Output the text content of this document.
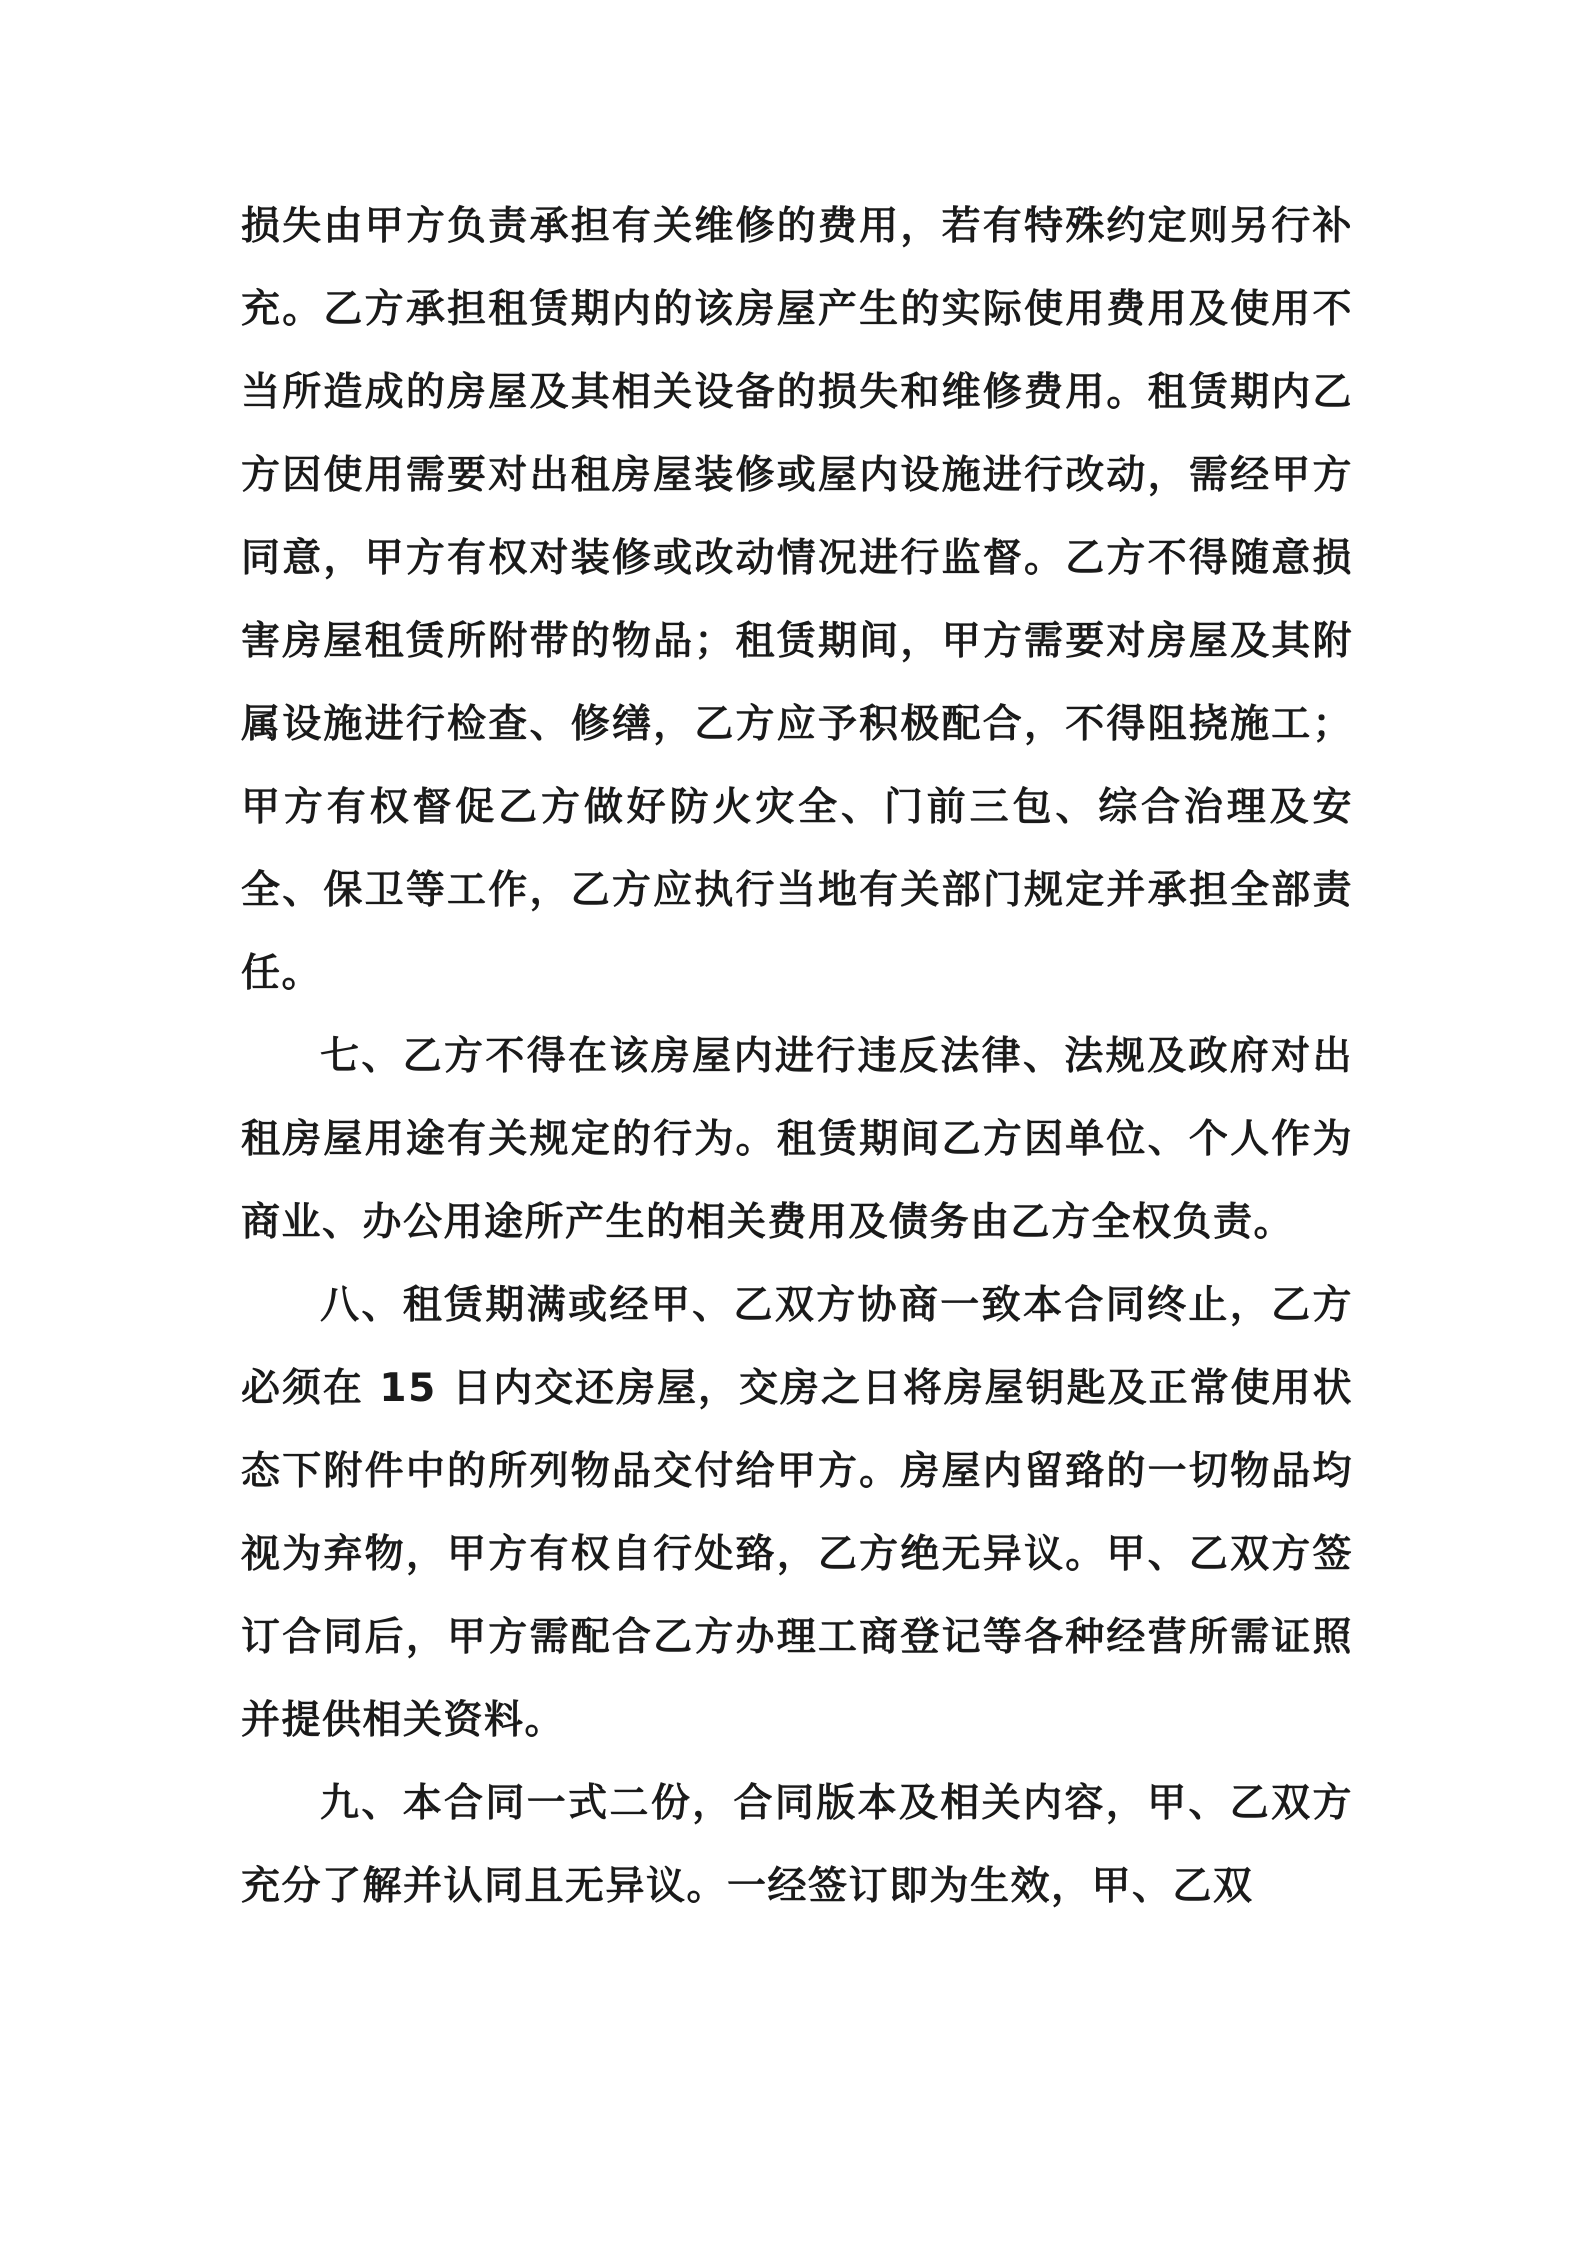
损失由甲方负责承担有关维修的费用，若有特殊约定则另行补充。乙方承担租赁期内的该房屋产生的实际使用费用及使用不当所造成的房屋及其相关设备的损失和维修费用。租赁期内乙方因使用需要对出租房屋装修或屋内设施进行改动，需经甲方同意，甲方有权对装修或改动情况进行监督。乙方不得随意损害房屋租赁所附带的物品；租赁期间，甲方需要对房屋及其附属设施进行检查、修缮，乙方应予积极配合，不得阻挠施工；甲方有权督促乙方做好防火灾全、门前三包、综合治理及安全、保卫等工作，乙方应执行当地有关部门规定并承担全部责任。

七、乙方不得在该房屋内进行违反法律、法规及政府对出租房屋用途有关规定的行为。租赁期间乙方因单位、个人作为商业、办公用途所产生的相关费用及债务由乙方全权负责。

八、租赁期满或经甲、乙双方协商一致本合同终止，乙方必须在 15 日内交还房屋，交房之日将房屋钥匙及正常使用状态下附件中的所列物品交付给甲方。房屋内留臵的一切物品均视为弃物，甲方有权自行处臵，乙方绝无异议。甲、乙双方签订合同后，甲方需配合乙方办理工商登记等各种经营所需证照并提供相关资料。

九、本合同一式二份，合同版本及相关内容，甲、乙双方充分了解并认同且无异议。一经签订即为生效，甲、乙双
